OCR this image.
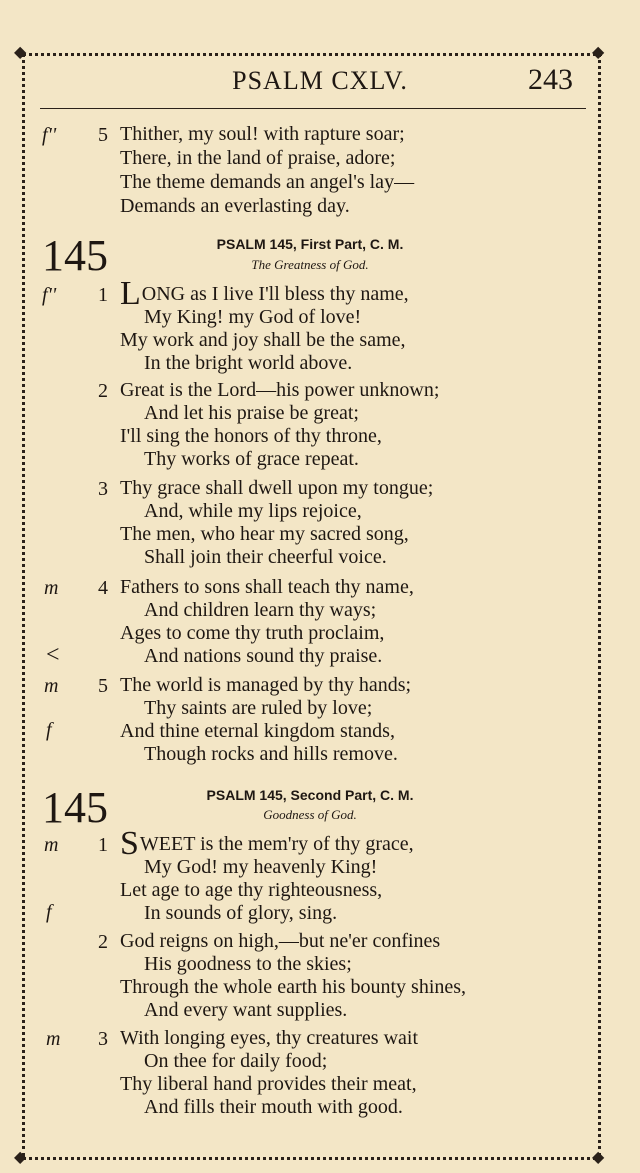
◆	◆
◆	◆
PSALM CXLV.	243
f'' 5 Thither, my soul! with rapture soar;
There, in the land of praise, adore;
The theme demands an angel's lay—
Demands an everlasting day.
145	PSALM 145, First Part, C. M.
The Greatness of God.
f'' 1 LONG as I live I'll bless thy name,
My King! my God of love!
My work and joy shall be the same,
In the bright world above.
2 Great is the Lord—his power unknown;
And let his praise be great;
I'll sing the honors of thy throne,
Thy works of grace repeat.
3 Thy grace shall dwell upon my tongue;
And, while my lips rejoice,
The men, who hear my sacred song,
Shall join their cheerful voice.
m 4 Fathers to sons shall teach thy name,
And children learn thy ways;
Ages to come thy truth proclaim,
<	And nations sound thy praise.
m 5 The world is managed by thy hands;
Thy saints are ruled by love;
f	And thine eternal kingdom stands,
Though rocks and hills remove.
145	PSALM 145, Second Part, C. M.
Goodness of God.
m 1 SWEET is the mem'ry of thy grace,
My God! my heavenly King!
Let age to age thy righteousness,
f	In sounds of glory, sing.
2 God reigns on high,—but ne'er confines
His goodness to the skies;
Through the whole earth his bounty shines,
And every want supplies.
m 3 With longing eyes, thy creatures wait
On thee for daily food;
Thy liberal hand provides their meat,
And fills their mouth with good.
